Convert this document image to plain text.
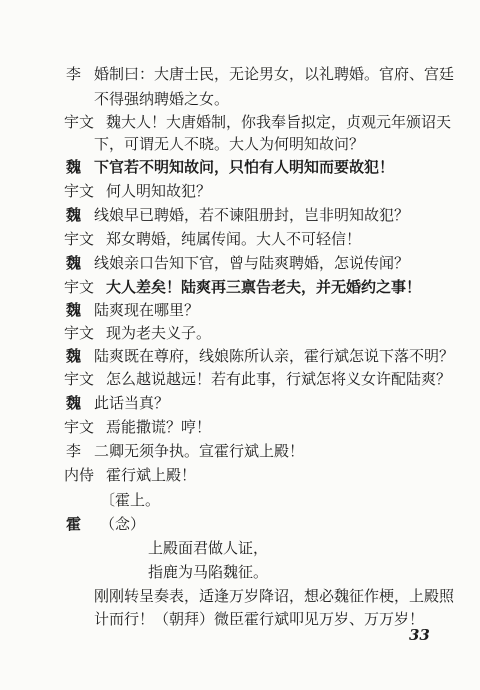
李 婚制曰：大唐士民，无论男女，以礼聘婚。官府、宫廷
不得强纳聘婚之女。
宇文 魏大人！大唐婚制，你我奉旨拟定，贞观元年颁诏天
下，可谓无人不晓。大人为何明知故问？
魏 下官若不明知故问，只怕有人明知而要故犯！
宇文 何人明知故犯？
魏 线娘早已聘婚，若不谏阻册封，岂非明知故犯？
宇文 郑女聘婚，纯属传闻。大人不可轻信！
魏 线娘亲口告知下官，曾与陆爽聘婚，怎说传闻？
宇文 大人差矣！陆爽再三禀告老夫，并无婚约之事！
魏 陆爽现在哪里？
宇文 现为老夫义子。
魏 陆爽既在尊府，线娘陈所认亲，霍行斌怎说下落不明？
宇文 怎么越说越远！若有此事，行斌怎将义女许配陆爽？
魏 此话当真？
宇文 焉能撒谎？哼！
李 二卿无须争执。宣霍行斌上殿！
内侍 霍行斌上殿！
〔霍上。
霍 （念）
上殿面君做人证，
指鹿为马陷魏征。
刚刚转呈奏表，适逢万岁降诏，想必魏征作梗，上殿照
计而行！（朝拜）微臣霍行斌叩见万岁、万万岁！
33
